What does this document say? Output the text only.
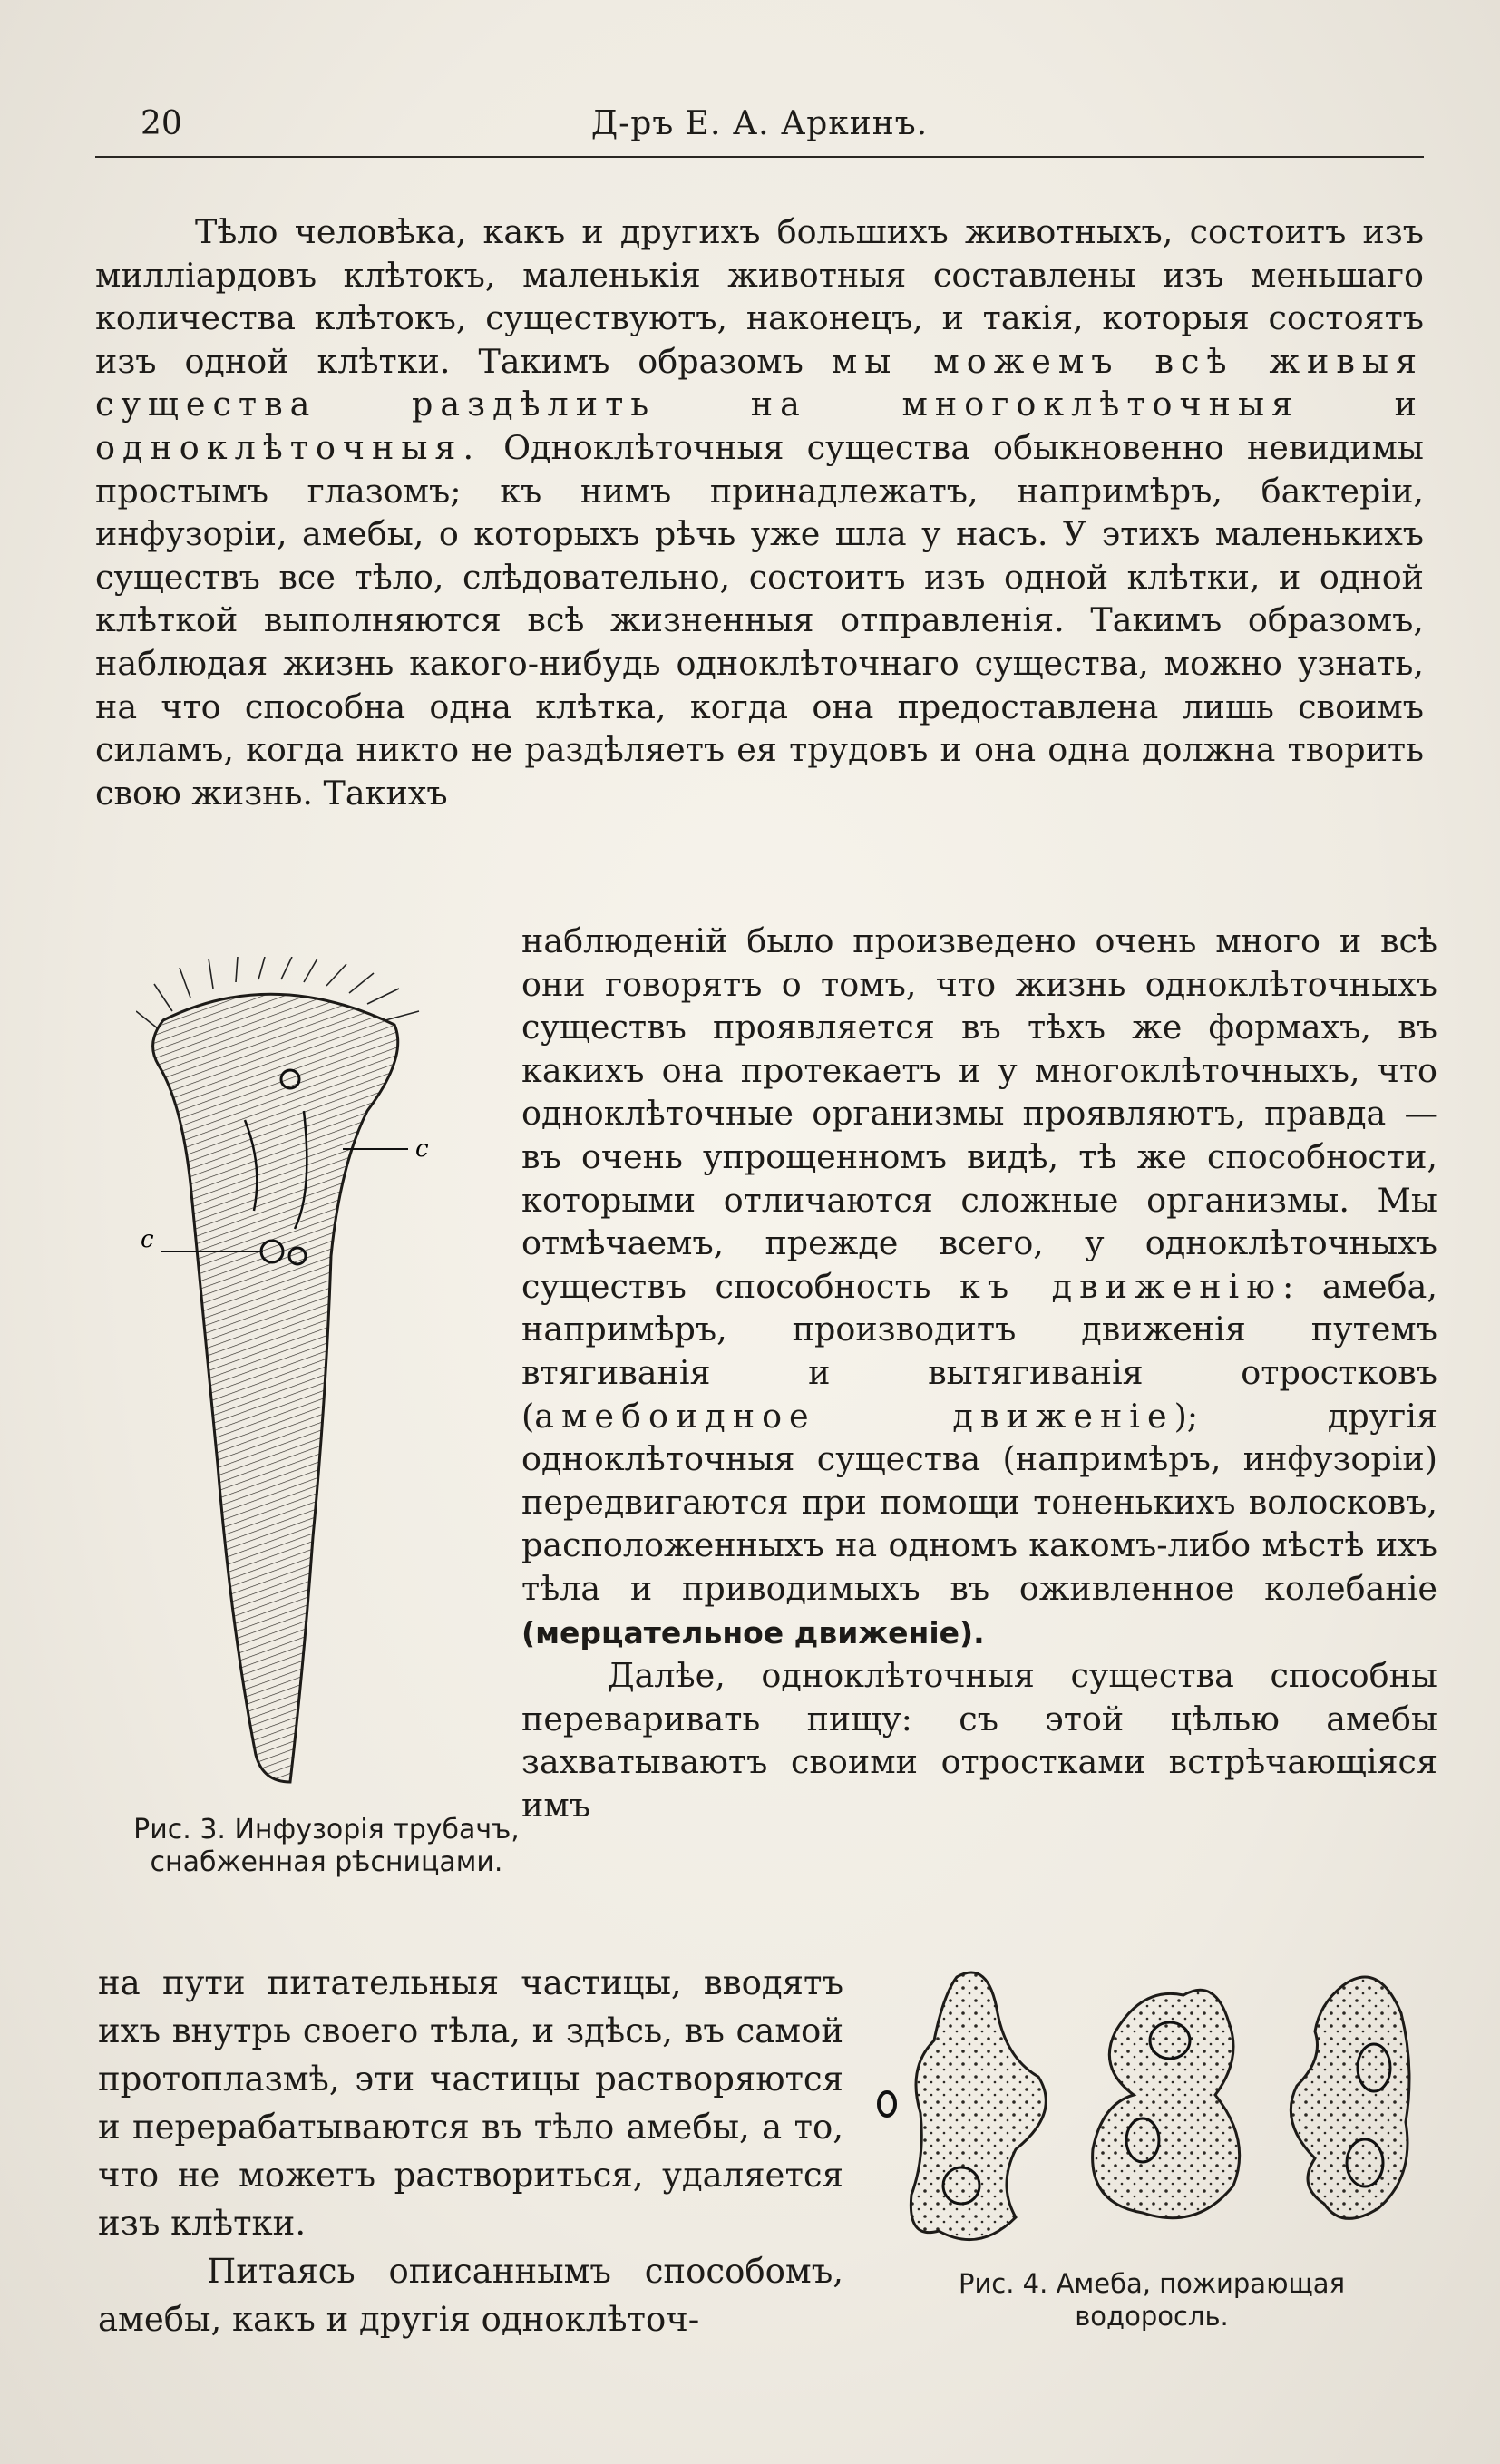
20	Д-ръ Е. А. Аркинъ.

Тѣло человѣка, какъ и другихъ большихъ животныхъ, состоитъ изъ милліардовъ клѣтокъ, маленькія животныя составлены изъ меньшаго количества клѣтокъ, существуютъ, наконецъ, и такія, которыя состоятъ изъ одной клѣтки. Такимъ образомъ мы можемъ всѣ живыя существа раздѣлить на многоклѣточныя и одноклѣточныя. Одноклѣточныя существа обыкновенно невидимы простымъ глазомъ; къ нимъ принадлежатъ, напримѣръ, бактеріи, инфузоріи, амебы, о которыхъ рѣчь уже шла у насъ. У этихъ маленькихъ существъ все тѣло, слѣдовательно, состоитъ изъ одной клѣтки, и одной клѣткой выполняются всѣ жизненныя отправленія. Такимъ образомъ, наблюдая жизнь какого-нибудь одноклѣточнаго существа, можно узнать, на что способна одна клѣтка, когда она предоставлена лишь своимъ силамъ, когда никто не раздѣляетъ ея трудовъ и она одна должна творить свою жизнь. Такихъ

c
c
Рис. 3. Инфузорія трубачъ, снабженная рѣсницами.

наблюденій было произведено очень много и всѣ они говорятъ о томъ, что жизнь одноклѣточныхъ существъ проявляется въ тѣхъ же формахъ, въ какихъ она протекаетъ и у многоклѣточныхъ, что одноклѣточные организмы проявляютъ, правда — въ очень упрощенномъ видѣ, тѣ же способности, которыми отличаются сложные организмы. Мы отмѣчаемъ, прежде всего, у одноклѣточныхъ существъ способность къ движенію: амеба, напримѣръ, производитъ движенія путемъ втягиванія и вытягиванія отростковъ (амебоидное движеніе); другія одноклѣточныя существа (напримѣръ, инфузоріи) передвигаются при помощи тоненькихъ волосковъ, расположенныхъ на одномъ какомъ-либо мѣстѣ ихъ тѣла и приводимыхъ въ оживленное колебаніе (мерцательное движеніе).

Далѣе, одноклѣточныя существа способны переваривать пищу: съ этой цѣлью амебы захватываютъ своими отростками встрѣчающіяся имъ

на пути питательныя частицы, вводятъ ихъ внутрь своего тѣла, и здѣсь, въ самой протоплазмѣ, эти частицы растворяются и перерабатываются въ тѣло амебы, а то, что не можетъ раствориться, удаляется изъ клѣтки.

Питаясь описаннымъ способомъ, амебы, какъ и другія одноклѣточ-

Рис. 4. Амеба, пожирающая водоросль.
